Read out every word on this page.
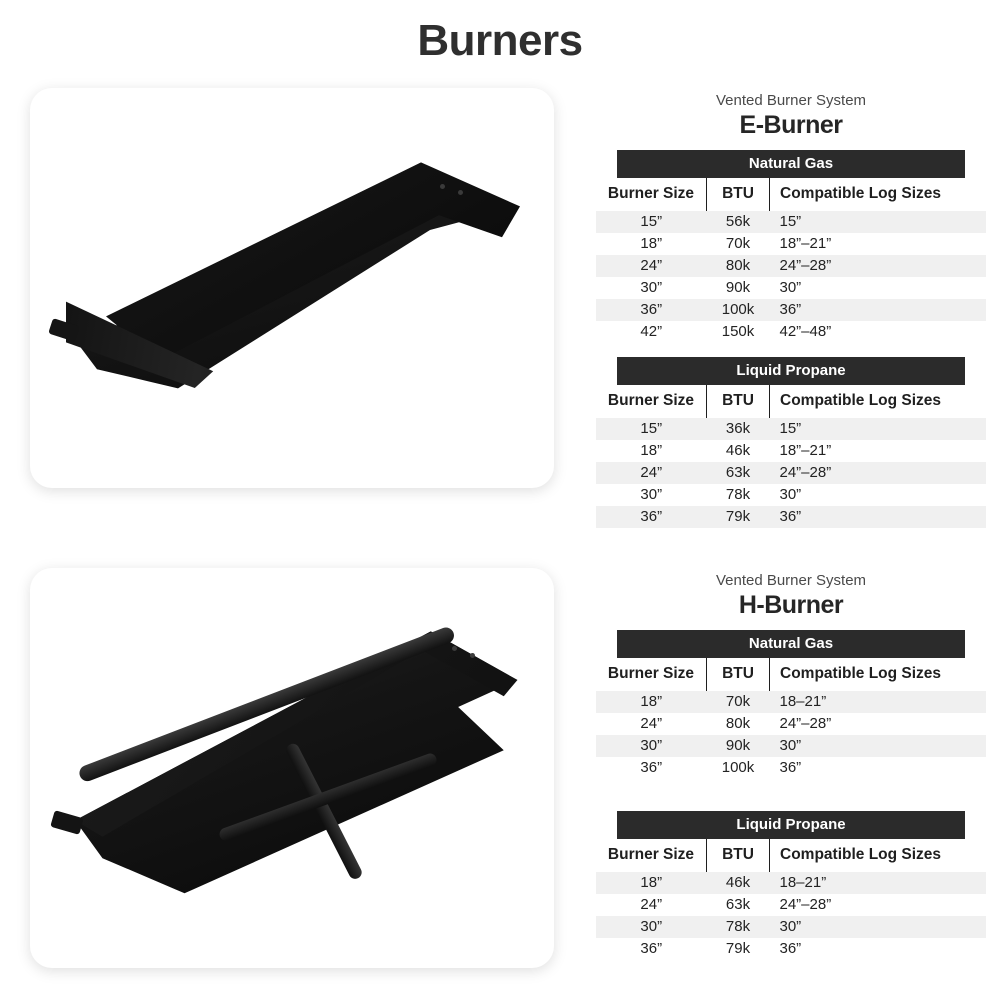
Burners
Vented Burner System
E-Burner
Natural Gas
Burner Size	BTU	Compatible Log Sizes
15”	56k	15”
18”	70k	18”–21”
24”	80k	24”–28”
30”	90k	30”
36”	100k	36”
42”	150k	42”–48”
Liquid Propane
Burner Size	BTU	Compatible Log Sizes
15”	36k	15”
18”	46k	18”–21”
24”	63k	24”–28”
30”	78k	30”
36”	79k	36”
Vented Burner System
H-Burner
Natural Gas
Burner Size	BTU	Compatible Log Sizes
18”	70k	18–21”
24”	80k	24”–28”
30”	90k	30”
36”	100k	36”
Liquid Propane
Burner Size	BTU	Compatible Log Sizes
18”	46k	18–21”
24”	63k	24”–28”
30”	78k	30”
36”	79k	36”
